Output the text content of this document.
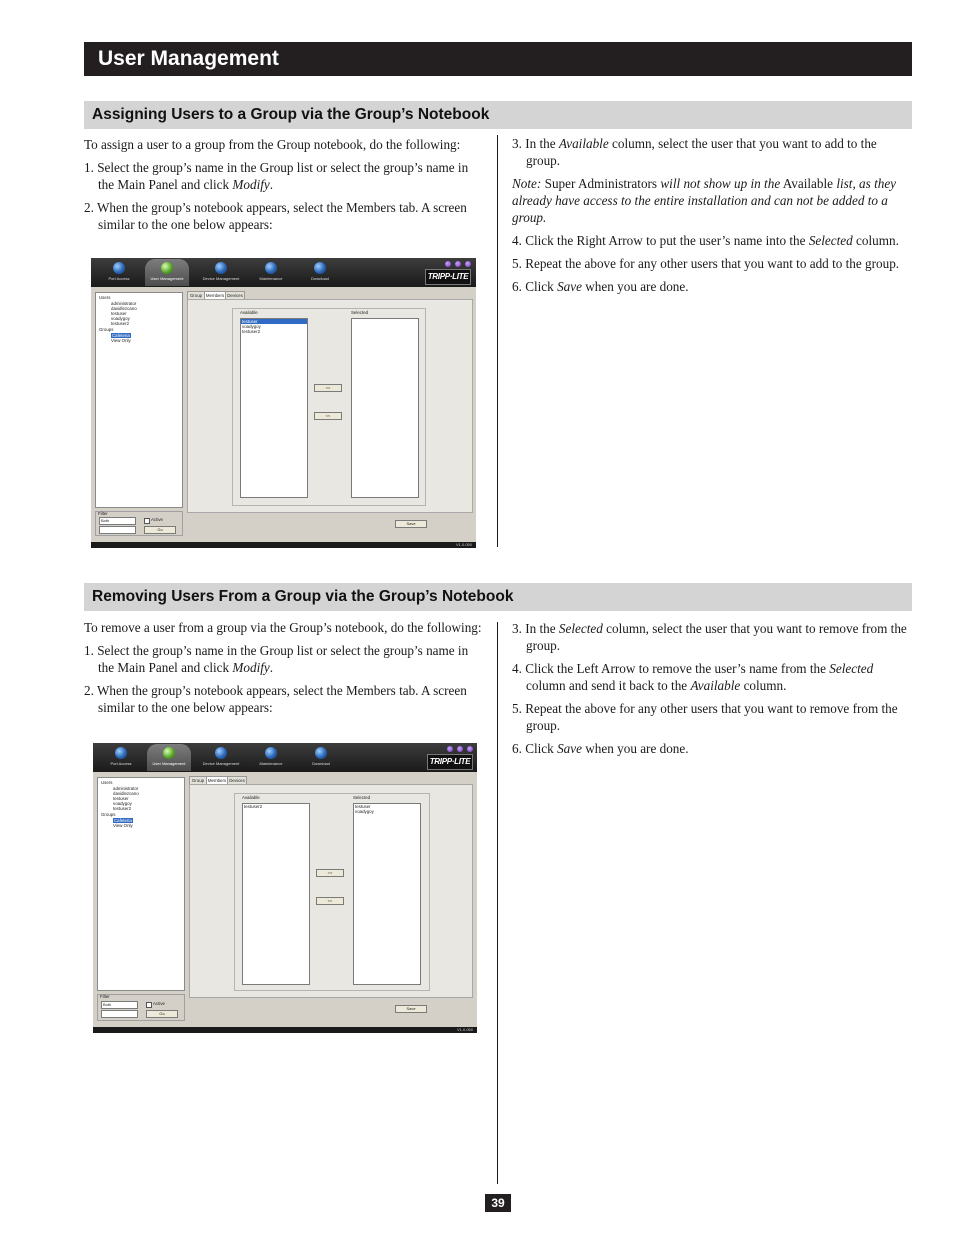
User Management
Assigning Users to a Group via the Group’s Notebook

To assign a user to a group from the Group notebook, do the following:

1. Select the group’s name in the Group list or select the group’s name in the Main Panel and click Modify.

2. When the group’s notebook appears, select the Members tab. A screen similar to the one below appears:

3. In the Available column, select the user that you want to add to the group.

Note: Super Administrators will not show up in the Available list, as they already have access to the entire installation and can not be added to a group.

4. Click the Right Arrow to put the user’s name into the Selected column.

5. Repeat the above for any other users that you want to add to the group.

6. Click Save when you are done.

Port Access	User Management	Device Management	Maintenance	Download	TRIPP·LITE
Users
administrator
davidlezcano
testuser
voadygoy
testuser2
Groups
Cafeteria
View Only
Filter
Both	Active
Go
Group Members Devices
Available	Selected
testuser
voadygoy
testuser2
>>
<<
Save
V1.0.050
Removing Users From a Group via the Group’s Notebook

To remove a user from a group via the Group’s notebook, do the following:

1. Select the group’s name in the Group list or select the group’s name in the Main Panel and click Modify.

2. When the group’s notebook appears, select the Members tab. A screen similar to the one below appears:

3. In the Selected column, select the user that you want to remove from the group.

4. Click the Left Arrow to remove the user’s name from the Selected column and send it back to the Available column.

5. Repeat the above for any other users that you want to remove from the group.

6. Click Save when you are done.

Port Access	User Management	Device Management	Maintenance	Download	TRIPP·LITE
Users
administrator
davidlezcano
testuser
voadygoy
testuser2
Groups
Cafeteria
View Only
Filter
Both	Active
Go
Group Members Devices
Available	Selected
testuser2	testuser
voadygoy
>>
<<
Save
V1.0.050
39
